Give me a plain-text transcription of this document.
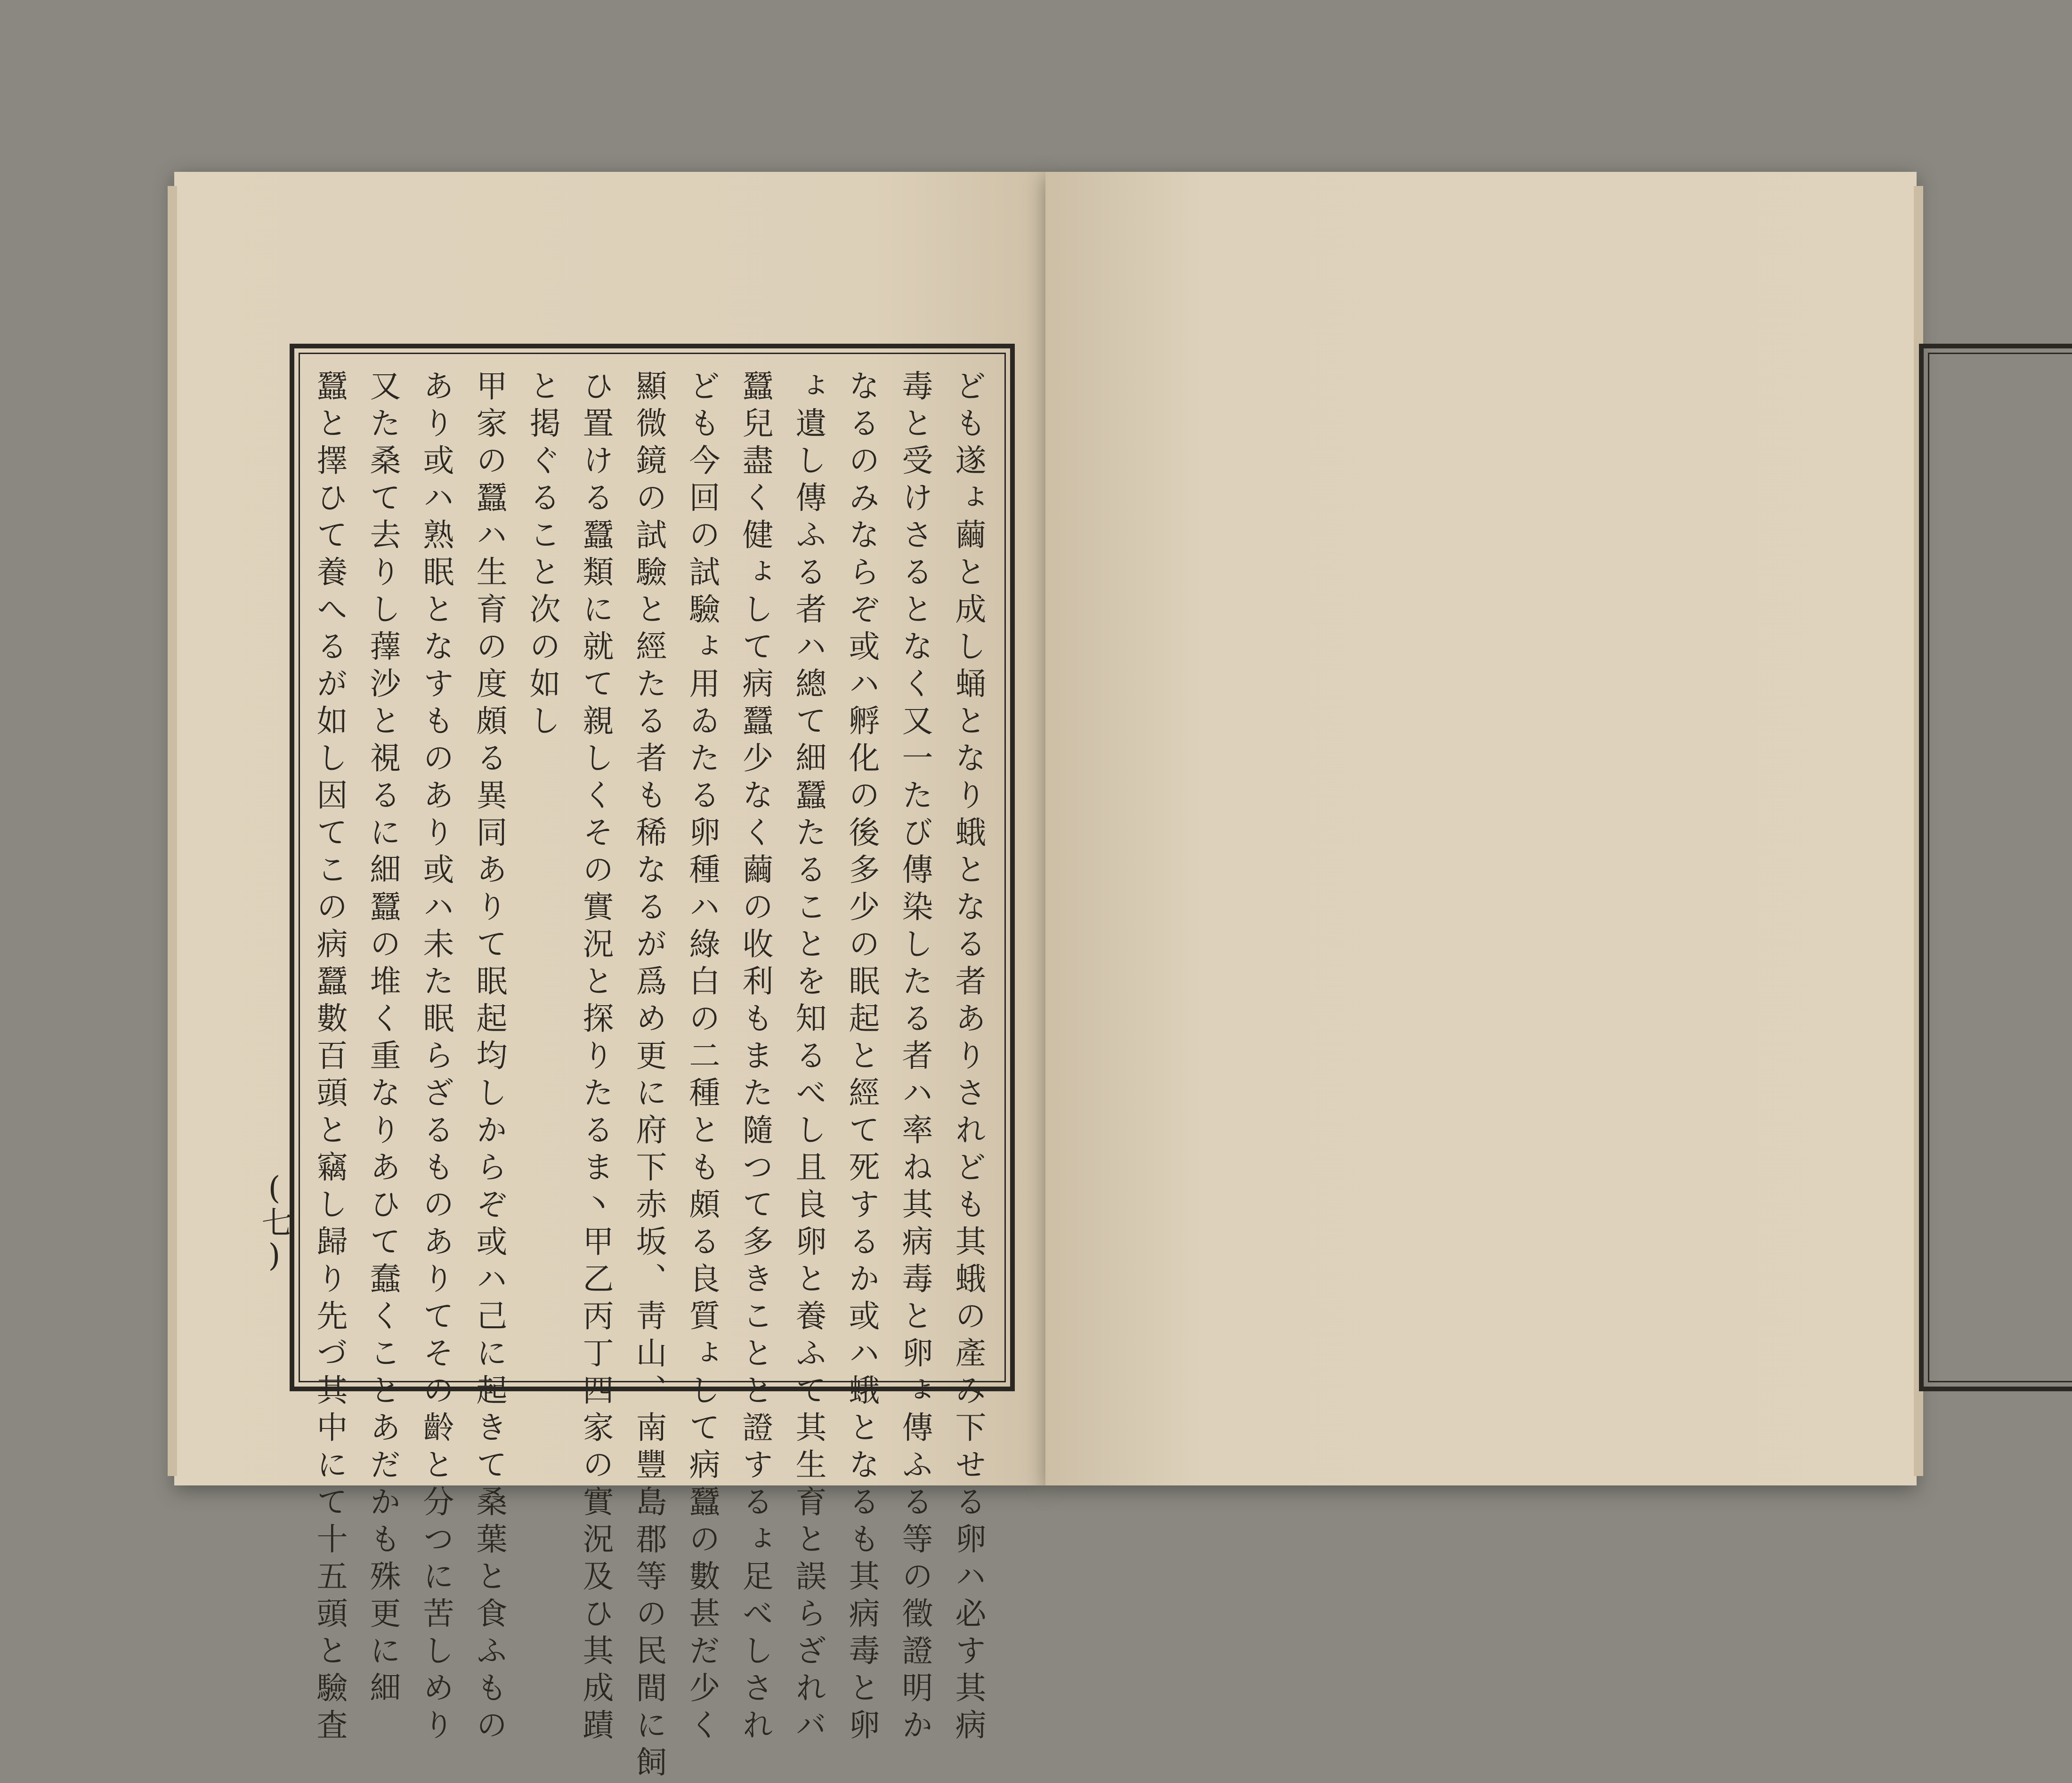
ども遂ょ繭と成し蛹となり蛾となる者ありされども其蛾の產み下せる卵ハ必す其病
毒と受けさるとなく又一たび傳染したる者ハ率ね其病毒と卵ょ傳ふる等の徵證明か
なるのみならぞ或ハ孵化の後多少の眠起と經て死するか或ハ蛾となるも其病毒と卵
ょ遺し傳ふる者ハ總て細蠶たることを知るべし且良卵と養ふて其生育と誤らざれバ
蠶兒盡く健ょして病蠶少なく繭の收利もまた隨つて多きことと證するょ足べしされ
ども今回の試驗ょ用ゐたる卵種ハ綠白の二種とも頗る良質ょして病蠶の數甚だ少く
顯微鏡の試驗と經たる者も稀なるが爲め更に府下赤坂、靑山、南豐島郡等の民間に飼
ひ置ける蠶類に就て親しくその實況と探りたるま丶甲乙丙丁四家の實況及ひ其成蹟
と掲ぐること次の如し
甲家の蠶ハ生育の度頗る異同ありて眠起均しからぞ或ハ己に起きて桑葉と食ふもの
あり或ハ熟眠となすものあり或ハ未た眠らざるものありてその齡と分つに苦しめり
又た桑て去りし蘀沙と視るに細蠶の堆く重なりあひて蠢くことあだかも殊更に細
蠶と擇ひて養へるが如し因てこの病蠶數百頭と竊し歸り先づ其中にて十五頭と驗査
(七)
